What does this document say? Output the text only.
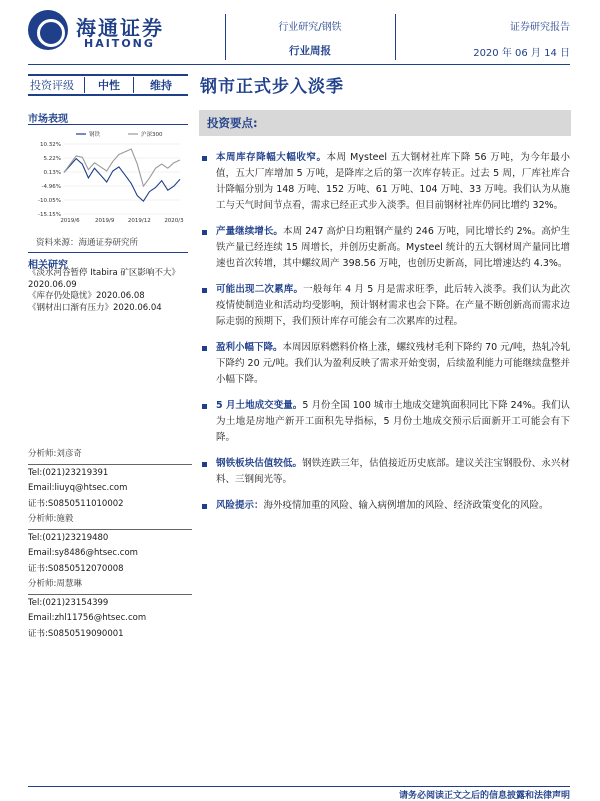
海通证券
HAITONG
行业研究/钢铁
行业周报
证券研究报告
2020 年 06 月 14 日
投资评级	中性	维持	钢市正式步入淡季
市场表现
10.32%
5.22%
0.13%
-4.96%
-10.05%
-15.15%
2019/6	2019/9 2019/12 2020/3
钢铁	沪深300
资料来源：海通证券研究所
相关研究
《淡水河谷暂停 Itabira 矿区影响不大》
2020.06.09
《库存仍处隐忧》2020.06.08
《钢材出口渐有压力》2020.06.04
分析师:刘彦奇
Tel:(021)23219391
Email:liuyq@htsec.com
证书:S0850511010002
分析师:施毅
Tel:(021)23219480
Email:sy8486@htsec.com
证书:S0850512070008
分析师:周慧琳
Tel:(021)23154399
Email:zhl11756@htsec.com
证书:S0850519090001
投资要点:
本周库存降幅大幅收窄。本周 Mysteel 五大钢材社库下降 56 万吨，为今年最小值，五大厂库增加 5 万吨，是降库之后的第一次库存转正。过去 5 周，厂库社库合计降幅分别为 148 万吨、152 万吨、61 万吨、104 万吨、33 万吨。我们认为从施工与天气时间节点看，需求已经正式步入淡季。但目前钢材社库仍同比增约 32%。
产量继续增长。本周 247 高炉日均粗钢产量约 246 万吨，同比增长约 2%。高炉生铁产量已经连续 15 周增长，并创历史新高。Mysteel 统计的五大钢材周产量同比增速也首次转增，其中螺纹周产 398.56 万吨，也创历史新高，同比增速达约 4.3%。
可能出现二次累库。一般每年 4 月 5 月是需求旺季，此后转入淡季。我们认为此次疫情使制造业和活动均受影响，预计钢材需求也会下降。在产量不断创新高而需求边际走弱的预期下，我们预计库存可能会有二次累库的过程。
盈利小幅下降。本周因原料燃料价格上涨，螺纹残材毛利下降约 70 元/吨，热轧冷轧下降约 20 元/吨。我们认为盈利反映了需求开始变弱，后续盈利能力可能继续盘整并小幅下降。
5 月土地成交变量。5 月份全国 100 城市土地成交建筑面积同比下降 24%。我们认为土地是房地产新开工面积先导指标，5 月份土地成交预示后面新开工可能会有下降。
钢铁板块估值较低。钢铁连跌三年，估值接近历史底部。建议关注宝钢股份、永兴材料、三钢闽光等。
风险提示：海外疫情加重的风险、输入病例增加的风险、经济政策变化的风险。
请务必阅读正文之后的信息披露和法律声明
